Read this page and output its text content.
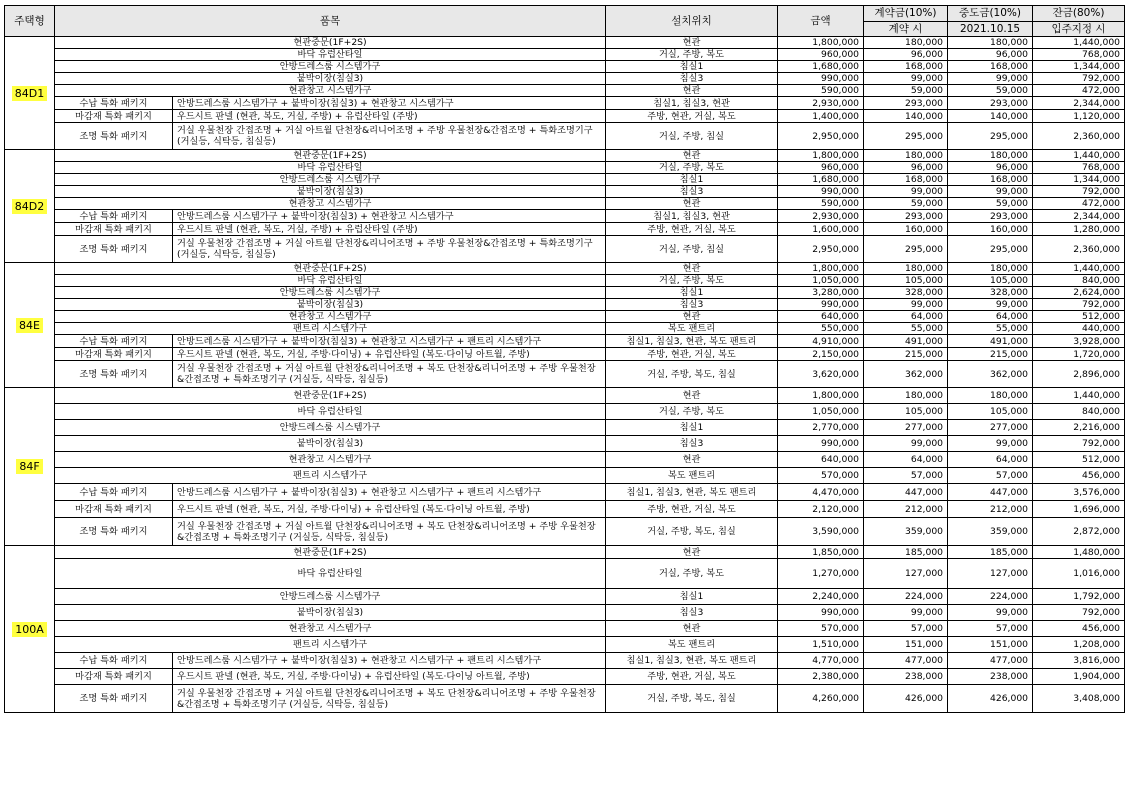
주택형	품목		설치위치	금액	계약금(10%)	중도금(10%)	잔금(80%)
					계약 시	2021.10.15	입주지정 시
84D1	현관중문(1F+2S)		현관	1,800,000	180,000	180,000	1,440,000
	바닥 유럽산타일		거실, 주방, 복도	960,000	96,000	96,000	768,000
	안방드레스룸 시스템가구		침실1	1,680,000	168,000	168,000	1,344,000
	붙박이장(침실3)		침실3	990,000	99,000	99,000	792,000
	현관창고 시스템가구		현관	590,000	59,000	59,000	472,000
	수납 특화 패키지	안방드레스룸 시스템가구 + 붙박이장(침실3) + 현관창고 시스템가구	침실1, 침실3, 현관	2,930,000	293,000	293,000	2,344,000
	마감재 특화 패키지	우드시트 판넬 (현관, 복도, 거실, 주방) + 유럽산타일 (주방)	주방, 현관, 거실, 복도	1,400,000	140,000	140,000	1,120,000
	조명 특화 패키지	거실 우물천장 간접조명 + 거실 아트월 단천장&리니어조명 + 주방 우물천장&간접조명 + 특화조명기구 (거실등, 식탁등, 침실등)	거실, 주방, 침실	2,950,000	295,000	295,000	2,360,000
84D2	현관중문(1F+2S)		현관	1,800,000	180,000	180,000	1,440,000
	바닥 유럽산타일		거실, 주방, 복도	960,000	96,000	96,000	768,000
	안방드레스룸 시스템가구		침실1	1,680,000	168,000	168,000	1,344,000
	붙박이장(침실3)		침실3	990,000	99,000	99,000	792,000
	현관창고 시스템가구		현관	590,000	59,000	59,000	472,000
	수납 특화 패키지	안방드레스룸 시스템가구 + 붙박이장(침실3) + 현관창고 시스템가구	침실1, 침실3, 현관	2,930,000	293,000	293,000	2,344,000
	마감재 특화 패키지	우드시트 판넬 (현관, 복도, 거실, 주방) + 유럽산타일 (주방)	주방, 현관, 거실, 복도	1,600,000	160,000	160,000	1,280,000
	조명 특화 패키지	거실 우물천장 간접조명 + 거실 아트월 단천장&리니어조명 + 주방 우물천장&간접조명 + 특화조명기구 (거실등, 식탁등, 침실등)	거실, 주방, 침실	2,950,000	295,000	295,000	2,360,000
84E	현관중문(1F+2S)		현관	1,800,000	180,000	180,000	1,440,000
	바닥 유럽산타일		거실, 주방, 복도	1,050,000	105,000	105,000	840,000
	안방드레스룸 시스템가구		침실1	3,280,000	328,000	328,000	2,624,000
	붙박이장(침실3)		침실3	990,000	99,000	99,000	792,000
	현관창고 시스템가구		현관	640,000	64,000	64,000	512,000
	팬트리 시스템가구		복도 팬트리	550,000	55,000	55,000	440,000
	수납 특화 패키지	안방드레스룸 시스템가구 + 붙박이장(침실3) + 현관창고 시스템가구 + 팬트리 시스템가구	침실1, 침실3, 현관, 복도 팬트리	4,910,000	491,000	491,000	3,928,000
	마감재 특화 패키지	우드시트 판넬 (현관, 복도, 거실, 주방·다이닝) + 유럽산타일 (복도·다이닝 아트월, 주방)	주방, 현관, 거실, 복도	2,150,000	215,000	215,000	1,720,000
	조명 특화 패키지	거실 우물천장 간접조명 + 거실 아트월 단천장&리니어조명 + 복도 단천장&리니어조명 + 주방 우물천장&간접조명 + 특화조명기구 (거실등, 식탁등, 침실등)	거실, 주방, 복도, 침실	3,620,000	362,000	362,000	2,896,000
84F	현관중문(1F+2S)		현관	1,800,000	180,000	180,000	1,440,000
	바닥 유럽산타일		거실, 주방, 복도	1,050,000	105,000	105,000	840,000
	안방드레스룸 시스템가구		침실1	2,770,000	277,000	277,000	2,216,000
	붙박이장(침실3)		침실3	990,000	99,000	99,000	792,000
	현관창고 시스템가구		현관	640,000	64,000	64,000	512,000
	팬트리 시스템가구		복도 팬트리	570,000	57,000	57,000	456,000
	수납 특화 패키지	안방드레스룸 시스템가구 + 붙박이장(침실3) + 현관창고 시스템가구 + 팬트리 시스템가구	침실1, 침실3, 현관, 복도 팬트리	4,470,000	447,000	447,000	3,576,000
	마감재 특화 패키지	우드시트 판넬 (현관, 복도, 거실, 주방·다이닝) + 유럽산타일 (복도·다이닝 아트월, 주방)	주방, 현관, 거실, 복도	2,120,000	212,000	212,000	1,696,000
	조명 특화 패키지	거실 우물천장 간접조명 + 거실 아트월 단천장&리니어조명 + 복도 단천장&리니어조명 + 주방 우물천장&간접조명 + 특화조명기구 (거실등, 식탁등, 침실등)	거실, 주방, 복도, 침실	3,590,000	359,000	359,000	2,872,000
100A	현관중문(1F+2S)		현관	1,850,000	185,000	185,000	1,480,000
	바닥 유럽산타일		거실, 주방, 복도	1,270,000	127,000	127,000	1,016,000
	안방드레스룸 시스템가구		침실1	2,240,000	224,000	224,000	1,792,000
	붙박이장(침실3)		침실3	990,000	99,000	99,000	792,000
	현관창고 시스템가구		현관	570,000	57,000	57,000	456,000
	팬트리 시스템가구		복도 팬트리	1,510,000	151,000	151,000	1,208,000
	수납 특화 패키지	안방드레스룸 시스템가구 + 붙박이장(침실3) + 현관창고 시스템가구 + 팬트리 시스템가구	침실1, 침실3, 현관, 복도 팬트리	4,770,000	477,000	477,000	3,816,000
	마감재 특화 패키지	우드시트 판넬 (현관, 복도, 거실, 주방·다이닝) + 유럽산타일 (복도·다이닝 아트월, 주방)	주방, 현관, 거실, 복도	2,380,000	238,000	238,000	1,904,000
	조명 특화 패키지	거실 우물천장 간접조명 + 거실 아트월 단천장&리니어조명 + 복도 단천장&리니어조명 + 주방 우물천장&간접조명 + 특화조명기구 (거실등, 식탁등, 침실등)	거실, 주방, 복도, 침실	4,260,000	426,000	426,000	3,408,000
